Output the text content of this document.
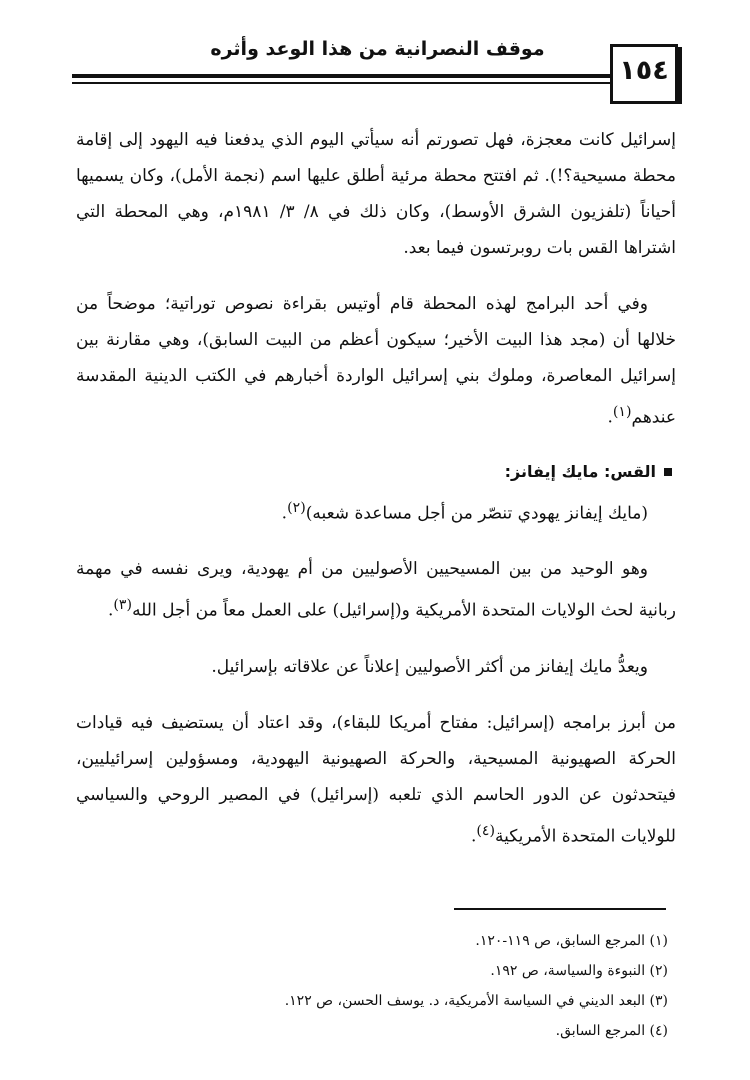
موقف النصرانية من هذا الوعد وأثره
١٥٤

إسرائيل كانت معجزة، فهل تصورتم أنه سيأتي اليوم الذي يدفعنا فيه اليهود إلى إقامة محطة مسيحية؟!). ثم افتتح محطة مرئية أطلق عليها اسم (نجمة الأمل)، وكان يسميها أحياناً (تلفزيون الشرق الأوسط)، وكان ذلك في ٨/ ٣/ ١٩٨١م، وهي المحطة التي اشتراها القس بات روبرتسون فيما بعد.

وفي أحد البرامج لهذه المحطة قام أوتيس بقراءة نصوص توراتية؛ موضحاً من خلالها أن (مجد هذا البيت الأخير؛ سيكون أعظم من البيت السابق)، وهي مقارنة بين إسرائيل المعاصرة، وملوك بني إسرائيل الواردة أخبارهم في الكتب الدينية المقدسة عندهم$^{(١)}$.

القس: مايك إيفانز:

(مايك إيفانز يهودي تنصّر من أجل مساعدة شعبه)$^{(٢)}$.

وهو الوحيد من بين المسيحيين الأصوليين من أم يهودية، ويرى نفسه في مهمة ربانية لحث الولايات المتحدة الأمريكية و(إسرائيل) على العمل معاً من أجل الله$^{(٣)}$.

ويعدُّ مايك إيفانز من أكثر الأصوليين إعلاناً عن علاقاته بإسرائيل.

من أبرز برامجه (إسرائيل: مفتاح أمريكا للبقاء)، وقد اعتاد أن يستضيف فيه قيادات الحركة الصهيونية المسيحية، والحركة الصهيونية اليهودية، ومسؤولين إسرائيليين، فيتحدثون عن الدور الحاسم الذي تلعبه (إسرائيل) في المصير الروحي والسياسي للولايات المتحدة الأمريكية$^{(٤)}$.

(١) المرجع السابق، ص ١١٩-١٢٠.
(٢) النبوءة والسياسة، ص ١٩٢.
(٣) البعد الديني في السياسة الأمريكية، د. يوسف الحسن، ص ١٢٢.
(٤) المرجع السابق.
